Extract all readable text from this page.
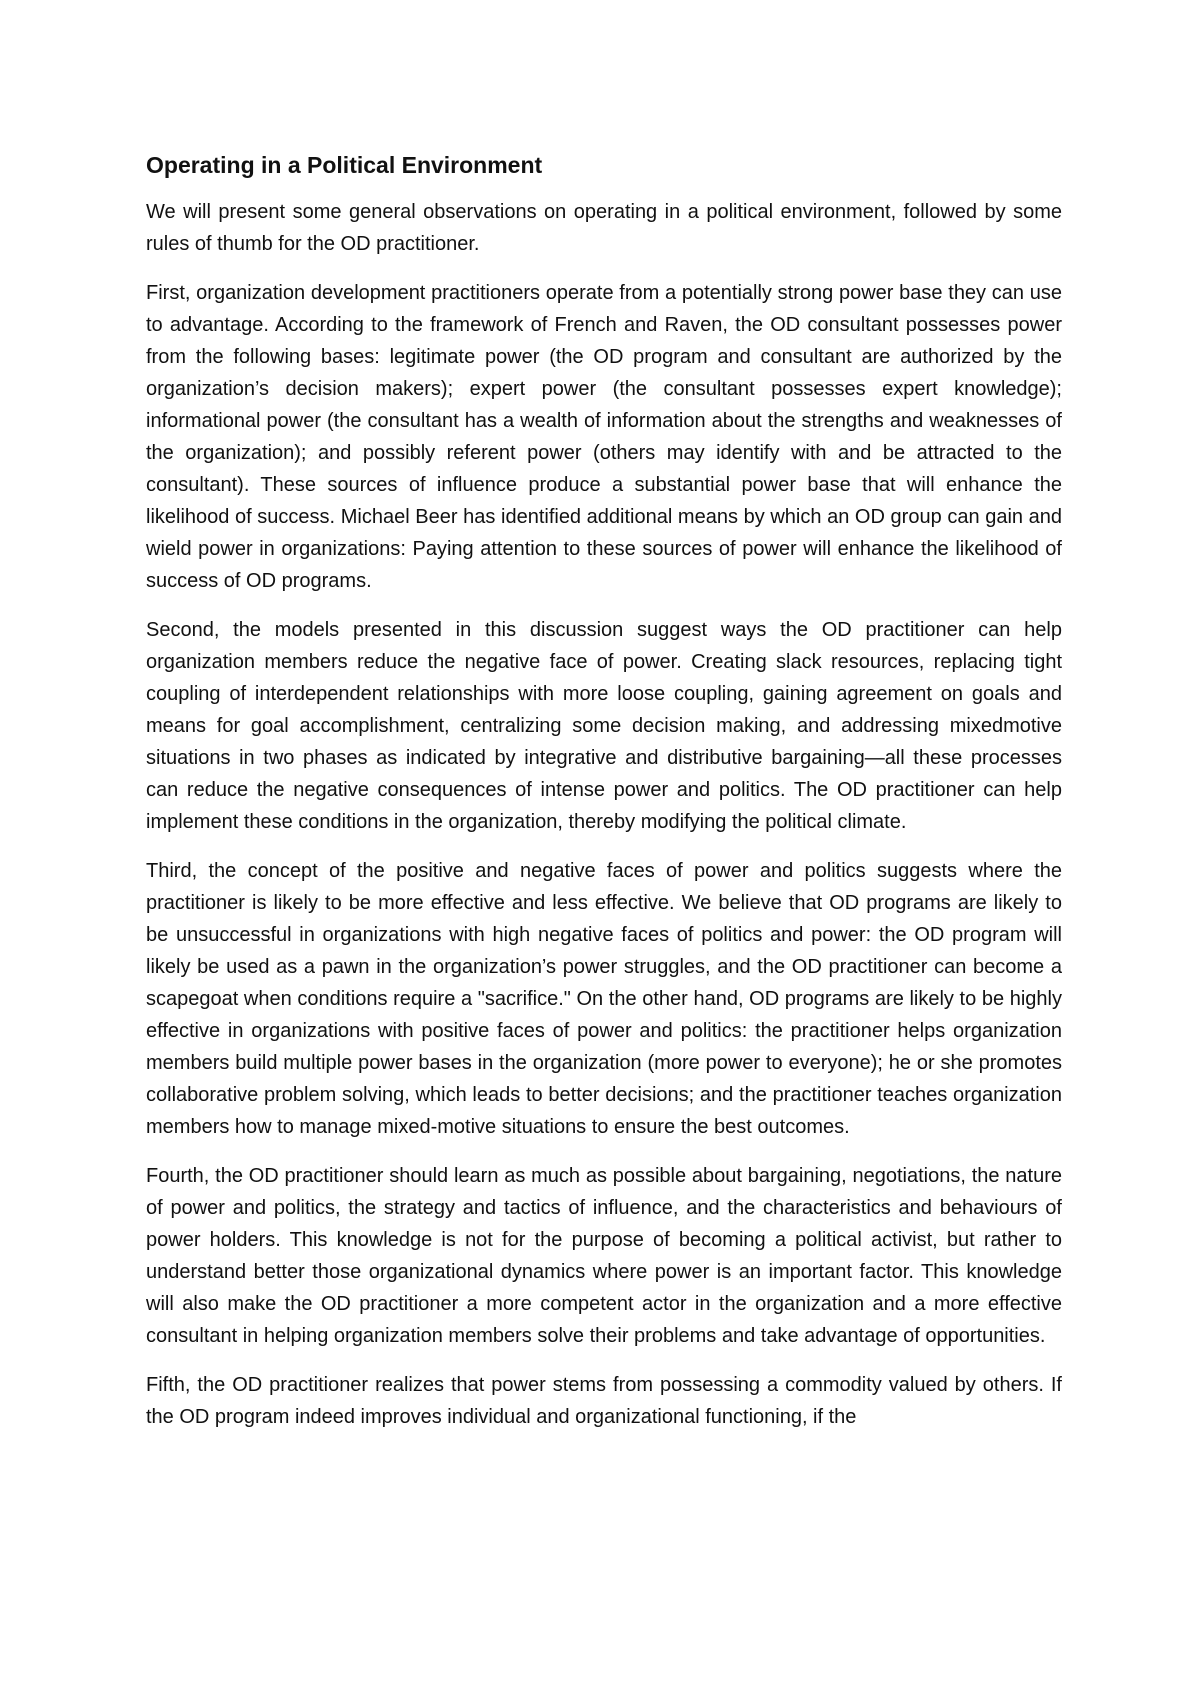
Operating in a Political Environment

We will present some general observations on operating in a political environment, followed by some rules of thumb for the OD practitioner.

First, organization development practitioners operate from a potentially strong power base they can use to advantage. According to the framework of French and Raven, the OD consultant possesses power from the following bases: legitimate power (the OD program and consultant are authorized by the organization’s decision makers); expert power (the consultant possesses expert knowledge); informational power (the consultant has a wealth of information about the strengths and weaknesses of the organization); and possibly referent power (others may identify with and be attracted to the consultant). These sources of influence produce a substantial power base that will enhance the likelihood of success. Michael Beer has identified additional means by which an OD group can gain and wield power in organizations: Paying attention to these sources of power will enhance the likelihood of success of OD programs.

Second, the models presented in this discussion suggest ways the OD practitioner can help organization members reduce the negative face of power. Creating slack resources, replacing tight coupling of interdependent relationships with more loose coupling, gaining agreement on goals and means for goal accomplishment, centralizing some decision making, and addressing mixedmotive situations in two phases as indicated by integrative and distributive bargaining—all these processes can reduce the negative consequences of intense power and politics. The OD practitioner can help implement these conditions in the organization, thereby modifying the political climate.

Third, the concept of the positive and negative faces of power and politics suggests where the practitioner is likely to be more effective and less effective. We believe that OD programs are likely to be unsuccessful in organizations with high negative faces of politics and power: the OD program will likely be used as a pawn in the organization’s power struggles, and the OD practitioner can become a scapegoat when conditions require a "sacrifice." On the other hand, OD programs are likely to be highly effective in organizations with positive faces of power and politics: the practitioner helps organization members build multiple power bases in the organization (more power to everyone); he or she promotes collaborative problem solving, which leads to better decisions; and the practitioner teaches organization members how to manage mixed-motive situations to ensure the best outcomes.

Fourth, the OD practitioner should learn as much as possible about bargaining, negotiations, the nature of power and politics, the strategy and tactics of influence, and the characteristics and behaviours of power holders. This knowledge is not for the purpose of becoming a political activist, but rather to understand better those organizational dynamics where power is an important factor. This knowledge will also make the OD practitioner a more competent actor in the organization and a more effective consultant in helping organization members solve their problems and take advantage of opportunities.

Fifth, the OD practitioner realizes that power stems from possessing a commodity valued by others. If the OD program indeed improves individual and organizational functioning, if the
